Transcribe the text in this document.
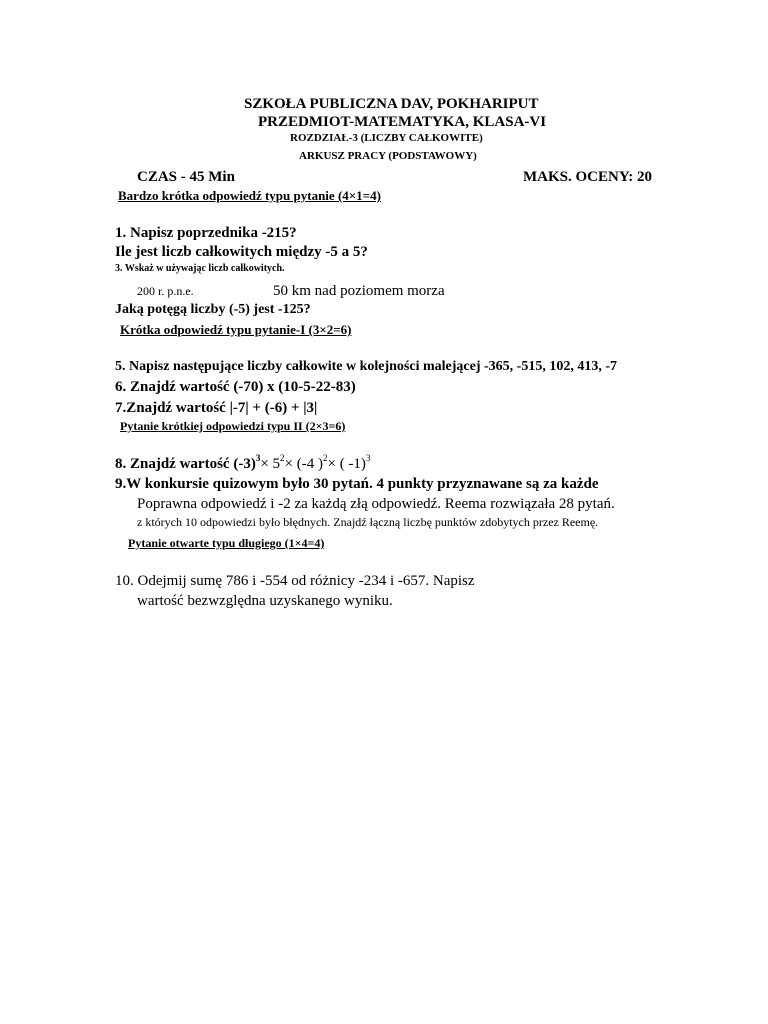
SZKOŁA PUBLICZNA DAV, POKHARIPUT
PRZEDMIOT-MATEMATYKA, KLASA-VI
ROZDZIAŁ-3 (LICZBY CAŁKOWITE)
ARKUSZ PRACY (PODSTAWOWY)
CZAS - 45 Min	MAKS. OCENY: 20
Bardzo krótka odpowiedź typu pytanie (4×1=4)
1. Napisz poprzednika -215?
Ile jest liczb całkowitych między -5 a 5?
3. Wskaż w używając liczb całkowitych.
200 r. p.n.e.	50 km nad poziomem morza
Jaką potęgą liczby (-5) jest -125?
Krótka odpowiedź typu pytanie-I (3×2=6)
5. Napisz następujące liczby całkowite w kolejności malejącej -365, -515, 102, 413, -7
6. Znajdź wartość (-70) x (10-5-22-83)
7.Znajdź wartość |-7| + (-6) + |3|
Pytanie krótkiej odpowiedzi typu II (2×3=6)
8. Znajdź wartość $(-3)^3\times 5^2\times (-4$ )$^2$× ( -1)$^3$
9.W konkursie quizowym było 30 pytań. 4 punkty przyznawane są za każde
Poprawna odpowiedź i -2 za każdą złą odpowiedź. Reema rozwiązała 28 pytań.
z których 10 odpowiedzi było błędnych. Znajdź łączną liczbę punktów zdobytych przez Reemę.
Pytanie otwarte typu długiego (1×4=4)
10. Odejmij sumę 786 i -554 od różnicy -234 i -657. Napisz
wartość bezwzględna uzyskanego wyniku.
